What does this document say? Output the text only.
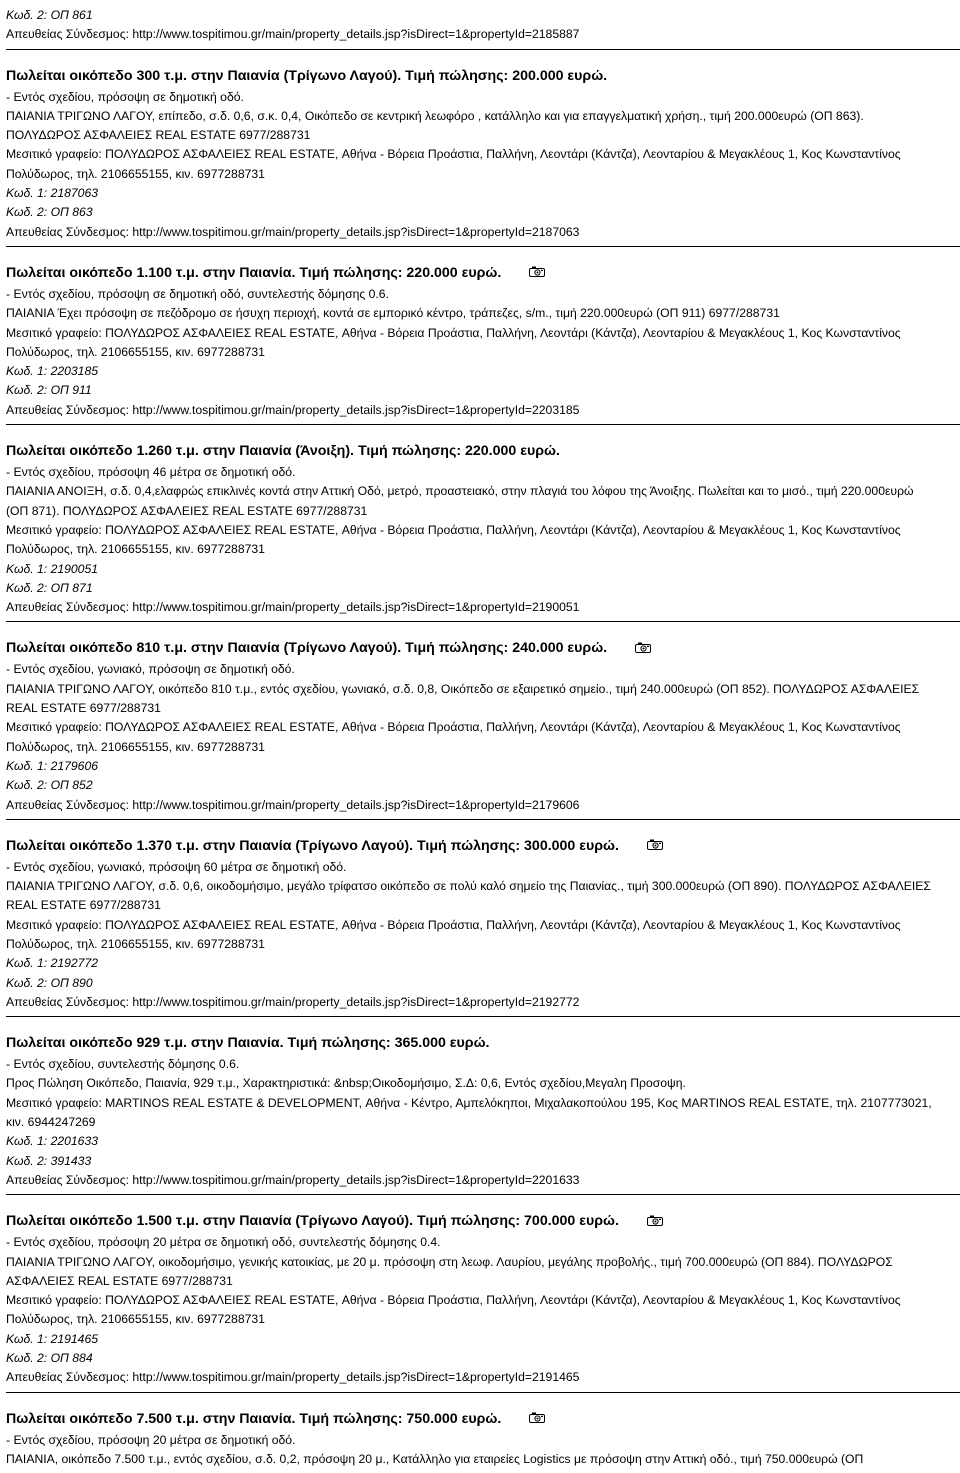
Κωδ. 2: ΟΠ 861
Απευθείας Σύνδεσμος: http://www.tospitimou.gr/main/property_details.jsp?isDirect=1&propertyId=2185887
Πωλείται οικόπεδο 300 τ.μ. στην Παιανία (Τρίγωνο Λαγού). Τιμή πώλησης: 200.000 ευρώ.
- Εντός σχεδίου, πρόσοψη σε δημοτική οδό.
ΠΑΙΑΝΙΑ ΤΡΙΓΩΝΟ ΛΑΓΟΥ, επίπεδο, σ.δ. 0,6, σ.κ. 0,4, Οικόπεδο σε κεντρική λεωφόρο , κατάλληλο και για επαγγελματική χρήση., τιμή 200.000ευρώ (ΟΠ 863). ΠΟΛΥΔΩΡΟΣ ΑΣΦΑΛΕΙΕΣ REAL ESTATE 6977/288731
Μεσιτικό γραφείο: ΠΟΛΥΔΩΡΟΣ ΑΣΦΑΛΕΙΕΣ REAL ESTATE, Αθήνα - Βόρεια Προάστια, Παλλήνη, Λεοντάρι (Κάντζα), Λεονταρίου & Μεγακλέους 1, Κος Κωνσταντίνος Πολύδωρος, τηλ. 2106655155, κιν. 6977288731
Κωδ. 1: 2187063
Κωδ. 2: ΟΠ 863
Απευθείας Σύνδεσμος: http://www.tospitimou.gr/main/property_details.jsp?isDirect=1&propertyId=2187063
Πωλείται οικόπεδο 1.100 τ.μ. στην Παιανία. Τιμή πώλησης: 220.000 ευρώ.
- Εντός σχεδίου, πρόσοψη σε δημοτική οδό, συντελεστής δόμησης 0.6.
ΠΑΙΑΝΙΑ Έχει πρόσοψη σε πεζόδρομο σε ήσυχη περιοχή, κοντά σε εμπορικό κέντρο, τράπεζες, s/m., τιμή 220.000ευρώ (ΟΠ 911) 6977/288731
Μεσιτικό γραφείο: ΠΟΛΥΔΩΡΟΣ ΑΣΦΑΛΕΙΕΣ REAL ESTATE, Αθήνα - Βόρεια Προάστια, Παλλήνη, Λεοντάρι (Κάντζα), Λεονταρίου & Μεγακλέους 1, Κος Κωνσταντίνος Πολύδωρος, τηλ. 2106655155, κιν. 6977288731
Κωδ. 1: 2203185
Κωδ. 2: ΟΠ 911
Απευθείας Σύνδεσμος: http://www.tospitimou.gr/main/property_details.jsp?isDirect=1&propertyId=2203185
Πωλείται οικόπεδο 1.260 τ.μ. στην Παιανία (Άνοιξη). Τιμή πώλησης: 220.000 ευρώ.
- Εντός σχεδίου, πρόσοψη 46 μέτρα σε δημοτική οδό.
ΠΑΙΑΝΙΑ ΑΝΟΙΞΗ, σ.δ. 0,4,ελαφρώς επικλινές κοντά στην Αττική Οδό, μετρό, προαστειακό, στην πλαγιά του λόφου της Άνοιξης. Πωλείται και το μισό., τιμή 220.000ευρώ (ΟΠ 871). ΠΟΛΥΔΩΡΟΣ ΑΣΦΑΛΕΙΕΣ REAL ESTATE 6977/288731
Μεσιτικό γραφείο: ΠΟΛΥΔΩΡΟΣ ΑΣΦΑΛΕΙΕΣ REAL ESTATE, Αθήνα - Βόρεια Προάστια, Παλλήνη, Λεοντάρι (Κάντζα), Λεονταρίου & Μεγακλέους 1, Κος Κωνσταντίνος Πολύδωρος, τηλ. 2106655155, κιν. 6977288731
Κωδ. 1: 2190051
Κωδ. 2: ΟΠ 871
Απευθείας Σύνδεσμος: http://www.tospitimou.gr/main/property_details.jsp?isDirect=1&propertyId=2190051
Πωλείται οικόπεδο 810 τ.μ. στην Παιανία (Τρίγωνο Λαγού). Τιμή πώλησης: 240.000 ευρώ.
- Εντός σχεδίου, γωνιακό, πρόσοψη σε δημοτική οδό.
ΠΑΙΑΝΙΑ ΤΡΙΓΩΝΟ ΛΑΓΟΥ, οικόπεδο 810 τ.μ., εντός σχεδίου, γωνιακό, σ.δ. 0,8, Οικόπεδο σε εξαιρετικό σημείο., τιμή 240.000ευρώ (ΟΠ 852). ΠΟΛΥΔΩΡΟΣ ΑΣΦΑΛΕΙΕΣ REAL ESTATE 6977/288731
Μεσιτικό γραφείο: ΠΟΛΥΔΩΡΟΣ ΑΣΦΑΛΕΙΕΣ REAL ESTATE, Αθήνα - Βόρεια Προάστια, Παλλήνη, Λεοντάρι (Κάντζα), Λεονταρίου & Μεγακλέους 1, Κος Κωνσταντίνος Πολύδωρος, τηλ. 2106655155, κιν. 6977288731
Κωδ. 1: 2179606
Κωδ. 2: ΟΠ 852
Απευθείας Σύνδεσμος: http://www.tospitimou.gr/main/property_details.jsp?isDirect=1&propertyId=2179606
Πωλείται οικόπεδο 1.370 τ.μ. στην Παιανία (Τρίγωνο Λαγού). Τιμή πώλησης: 300.000 ευρώ.
- Εντός σχεδίου, γωνιακό, πρόσοψη 60 μέτρα σε δημοτική οδό.
ΠΑΙΑΝΙΑ ΤΡΙΓΩΝΟ ΛΑΓΟΥ, σ.δ. 0,6, οικοδομήσιμο, μεγάλο τρίφατσο οικόπεδο σε πολύ καλό σημείο της Παιανίας., τιμή 300.000ευρώ (ΟΠ 890). ΠΟΛΥΔΩΡΟΣ ΑΣΦΑΛΕΙΕΣ REAL ESTATE 6977/288731
Μεσιτικό γραφείο: ΠΟΛΥΔΩΡΟΣ ΑΣΦΑΛΕΙΕΣ REAL ESTATE, Αθήνα - Βόρεια Προάστια, Παλλήνη, Λεοντάρι (Κάντζα), Λεονταρίου & Μεγακλέους 1, Κος Κωνσταντίνος Πολύδωρος, τηλ. 2106655155, κιν. 6977288731
Κωδ. 1: 2192772
Κωδ. 2: ΟΠ 890
Απευθείας Σύνδεσμος: http://www.tospitimou.gr/main/property_details.jsp?isDirect=1&propertyId=2192772
Πωλείται οικόπεδο 929 τ.μ. στην Παιανία. Τιμή πώλησης: 365.000 ευρώ.
- Εντός σχεδίου, συντελεστής δόμησης 0.6.
Προς Πώληση Οικόπεδο, Παιανία, 929 τ.μ., Χαρακτηριστικά: &nbsp;Οικοδομήσιμο, Σ.Δ: 0,6, Εντός σχεδίου,Μεγαλη Προσοψη.
Μεσιτικό γραφείο: MARTINOS REAL ESTATE & DEVELOPMENT, Αθήνα - Κέντρο, Αμπελόκηποι, Μιχαλακοπούλου 195, Κος MARTINOS REAL ESTATE, τηλ. 2107773021, κιν. 6944247269
Κωδ. 1: 2201633
Κωδ. 2: 391433
Απευθείας Σύνδεσμος: http://www.tospitimou.gr/main/property_details.jsp?isDirect=1&propertyId=2201633
Πωλείται οικόπεδο 1.500 τ.μ. στην Παιανία (Τρίγωνο Λαγού). Τιμή πώλησης: 700.000 ευρώ.
- Εντός σχεδίου, πρόσοψη 20 μέτρα σε δημοτική οδό, συντελεστής δόμησης 0.4.
ΠΑΙΑΝΙΑ ΤΡΙΓΩΝΟ ΛΑΓΟΥ, οικοδομήσιμο, γενικής κατοικίας, με 20 μ. πρόσοψη στη λεωφ. Λαυρίου, μεγάλης προβολής., τιμή 700.000ευρώ (ΟΠ 884). ΠΟΛΥΔΩΡΟΣ ΑΣΦΑΛΕΙΕΣ REAL ESTATE 6977/288731
Μεσιτικό γραφείο: ΠΟΛΥΔΩΡΟΣ ΑΣΦΑΛΕΙΕΣ REAL ESTATE, Αθήνα - Βόρεια Προάστια, Παλλήνη, Λεοντάρι (Κάντζα), Λεονταρίου & Μεγακλέους 1, Κος Κωνσταντίνος Πολύδωρος, τηλ. 2106655155, κιν. 6977288731
Κωδ. 1: 2191465
Κωδ. 2: ΟΠ 884
Απευθείας Σύνδεσμος: http://www.tospitimou.gr/main/property_details.jsp?isDirect=1&propertyId=2191465
Πωλείται οικόπεδο 7.500 τ.μ. στην Παιανία. Τιμή πώλησης: 750.000 ευρώ.
- Εντός σχεδίου, πρόσοψη 20 μέτρα σε δημοτική οδό.
ΠΑΙΑΝΙΑ, οικόπεδο 7.500 τ.μ., εντός σχεδίου, σ.δ. 0,2, πρόσοψη 20 μ., Κατάλληλο για εταιρείες Logistics με πρόσοψη στην Αττική οδό., τιμή 750.000ευρώ (ΟΠ
